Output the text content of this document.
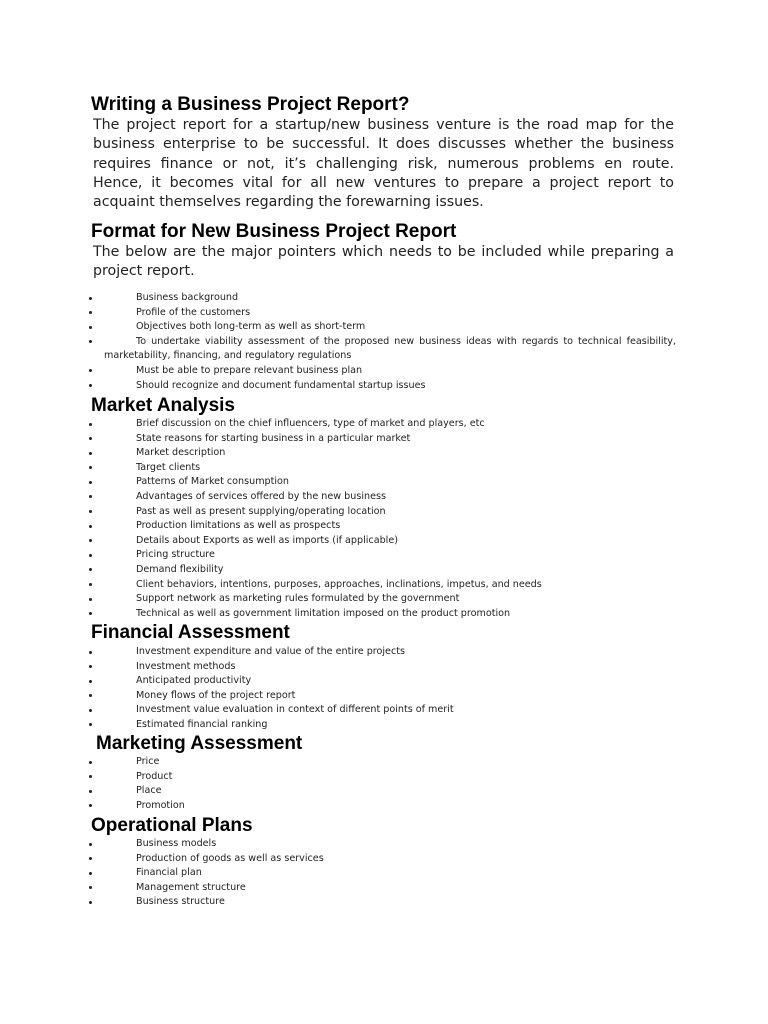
Writing a Business Project Report?

The project report for a startup/new business venture is the road map for the business enterprise to be successful. It does discusses whether the business requires finance or not, it’s challenging risk, numerous problems en route. Hence, it becomes vital for all new ventures to prepare a project report to acquaint themselves regarding the forewarning issues.

Format for New Business Project Report

The below are the major pointers which needs to be included while preparing a project report.

Business background
Profile of the customers
Objectives both long-term as well as short-term
To undertake viability assessment of the proposed new business ideas with regards to technical feasibility, marketability, financing, and regulatory regulations
Must be able to prepare relevant business plan
Should recognize and document fundamental startup issues
Market Analysis
Brief discussion on the chief influencers, type of market and players, etc
State reasons for starting business in a particular market
Market description
Target clients
Patterns of Market consumption
Advantages of services offered by the new business
Past as well as present supplying/operating location
Production limitations as well as prospects
Details about Exports as well as imports (if applicable)
Pricing structure
Demand flexibility
Client behaviors, intentions, purposes, approaches, inclinations, impetus, and needs
Support network as marketing rules formulated by the government
Technical as well as government limitation imposed on the product promotion
Financial Assessment
Investment expenditure and value of the entire projects
Investment methods
Anticipated productivity
Money flows of the project report
Investment value evaluation in context of different points of merit
Estimated financial ranking
Marketing Assessment
Price
Product
Place
Promotion
Operational Plans
Business models
Production of goods as well as services
Financial plan
Management structure
Business structure
